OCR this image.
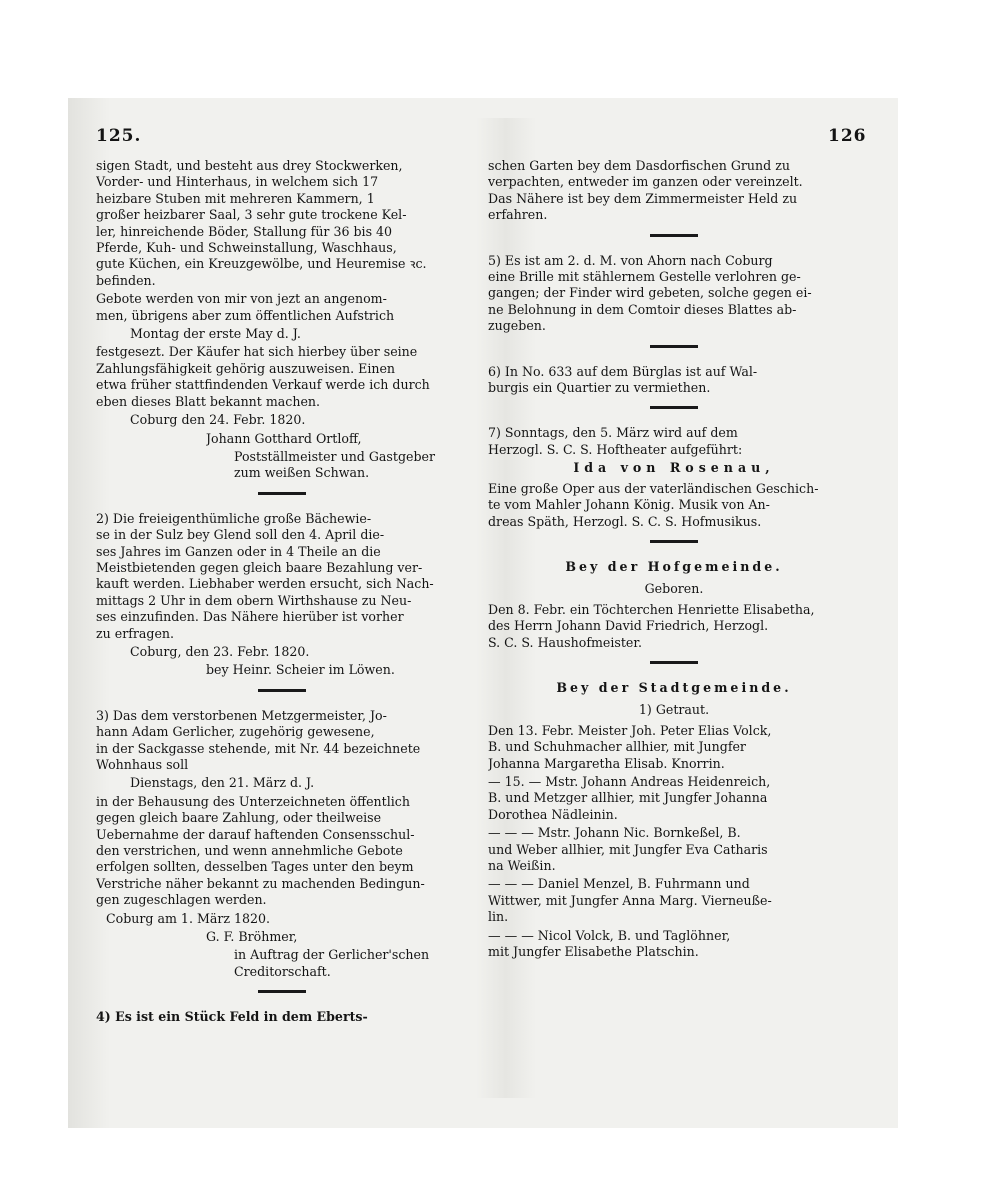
125.	126
sigen Stadt, und besteht aus drey Stockwerken,
Vorder- und Hinterhaus, in welchem sich 17
heizbare Stuben mit mehreren Kammern, 1
großer heizbarer Saal, 3 sehr gute trockene Kel-
ler, hinreichende Böder, Stallung für 36 bis 40
Pferde, Kuh- und Schweinstallung, Waschhaus,
gute Küchen, ein Kreuzgewölbe, und Heuremise ꝛc.
befinden.
Gebote werden von mir von jezt an angenom-
men, übrigens aber zum öffentlichen Aufstrich
Montag der erste May d. J.
festgesezt. Der Käufer hat sich hierbey über seine
Zahlungsfähigkeit gehörig auszuweisen. Einen
etwa früher stattfindenden Verkauf werde ich durch
eben dieses Blatt bekannt machen.
Coburg den 24. Febr. 1820.
Johann Gotthard Ortloff,
Postställmeister und Gastgeber
zum weißen Schwan.
2) Die freieigenthümliche große Bächewie-
se in der Sulz bey Glend soll den 4. April die-
ses Jahres im Ganzen oder in 4 Theile an die
Meistbietenden gegen gleich baare Bezahlung ver-
kauft werden. Liebhaber werden ersucht, sich Nach-
mittags 2 Uhr in dem obern Wirthshause zu Neu-
ses einzufinden. Das Nähere hierüber ist vorher
zu erfragen.
Coburg, den 23. Febr. 1820.
bey Heinr. Scheier im Löwen.
3) Das dem verstorbenen Metzgermeister, Jo-
hann Adam Gerlicher, zugehörig gewesene,
in der Sackgasse stehende, mit Nr. 44 bezeichnete
Wohnhaus soll
Dienstags, den 21. März d. J.
in der Behausung des Unterzeichneten öffentlich
gegen gleich baare Zahlung, oder theilweise
Uebernahme der darauf haftenden Consensschul-
den verstrichen, und wenn annehmliche Gebote
erfolgen sollten, desselben Tages unter den beym
Verstriche näher bekannt zu machenden Bedingun-
gen zugeschlagen werden.
Coburg am 1. März 1820.
G. F. Bröhmer,
in Auftrag der Gerlicher'schen
Creditorschaft.
4) Es ist ein Stück Feld in dem Eberts-
schen Garten bey dem Dasdorfischen Grund zu
verpachten, entweder im ganzen oder vereinzelt.
Das Nähere ist bey dem Zimmermeister Held zu
erfahren.
5) Es ist am 2. d. M. von Ahorn nach Coburg
eine Brille mit stählernem Gestelle verlohren ge-
gangen; der Finder wird gebeten, solche gegen ei-
ne Belohnung in dem Comtoir dieses Blattes ab-
zugeben.
6) In No. 633 auf dem Bürglas ist auf Wal-
burgis ein Quartier zu vermiethen.
7) Sonntags, den 5. März wird auf dem
Herzogl. S. C. S. Hoftheater aufgeführt:
Ida von Rosenau,
Eine große Oper aus der vaterländischen Geschich-
te vom Mahler Johann König. Musik von An-
dreas Späth, Herzogl. S. C. S. Hofmusikus.
Bey der Hofgemeinde.
Geboren.
Den 8. Febr. ein Töchterchen Henriette Elisabetha,
des Herrn Johann David Friedrich, Herzogl.
S. C. S. Haushofmeister.
Bey der Stadtgemeinde.
1) Getraut.
Den 13. Febr. Meister Joh. Peter Elias Volck,
B. und Schuhmacher allhier, mit Jungfer
Johanna Margaretha Elisab. Knorrin.
— 15. — Mstr. Johann Andreas Heidenreich,
B. und Metzger allhier, mit Jungfer Johanna
Dorothea Nädleinin.
— — — Mstr. Johann Nic. Bornkeßel, B.
und Weber allhier, mit Jungfer Eva Catharis
na Weißin.
— — — Daniel Menzel, B. Fuhrmann und
Wittwer, mit Jungfer Anna Marg. Vierneuße-
lin.
— — — Nicol Volck, B. und Taglöhner,
mit Jungfer Elisabethe Platschin.
